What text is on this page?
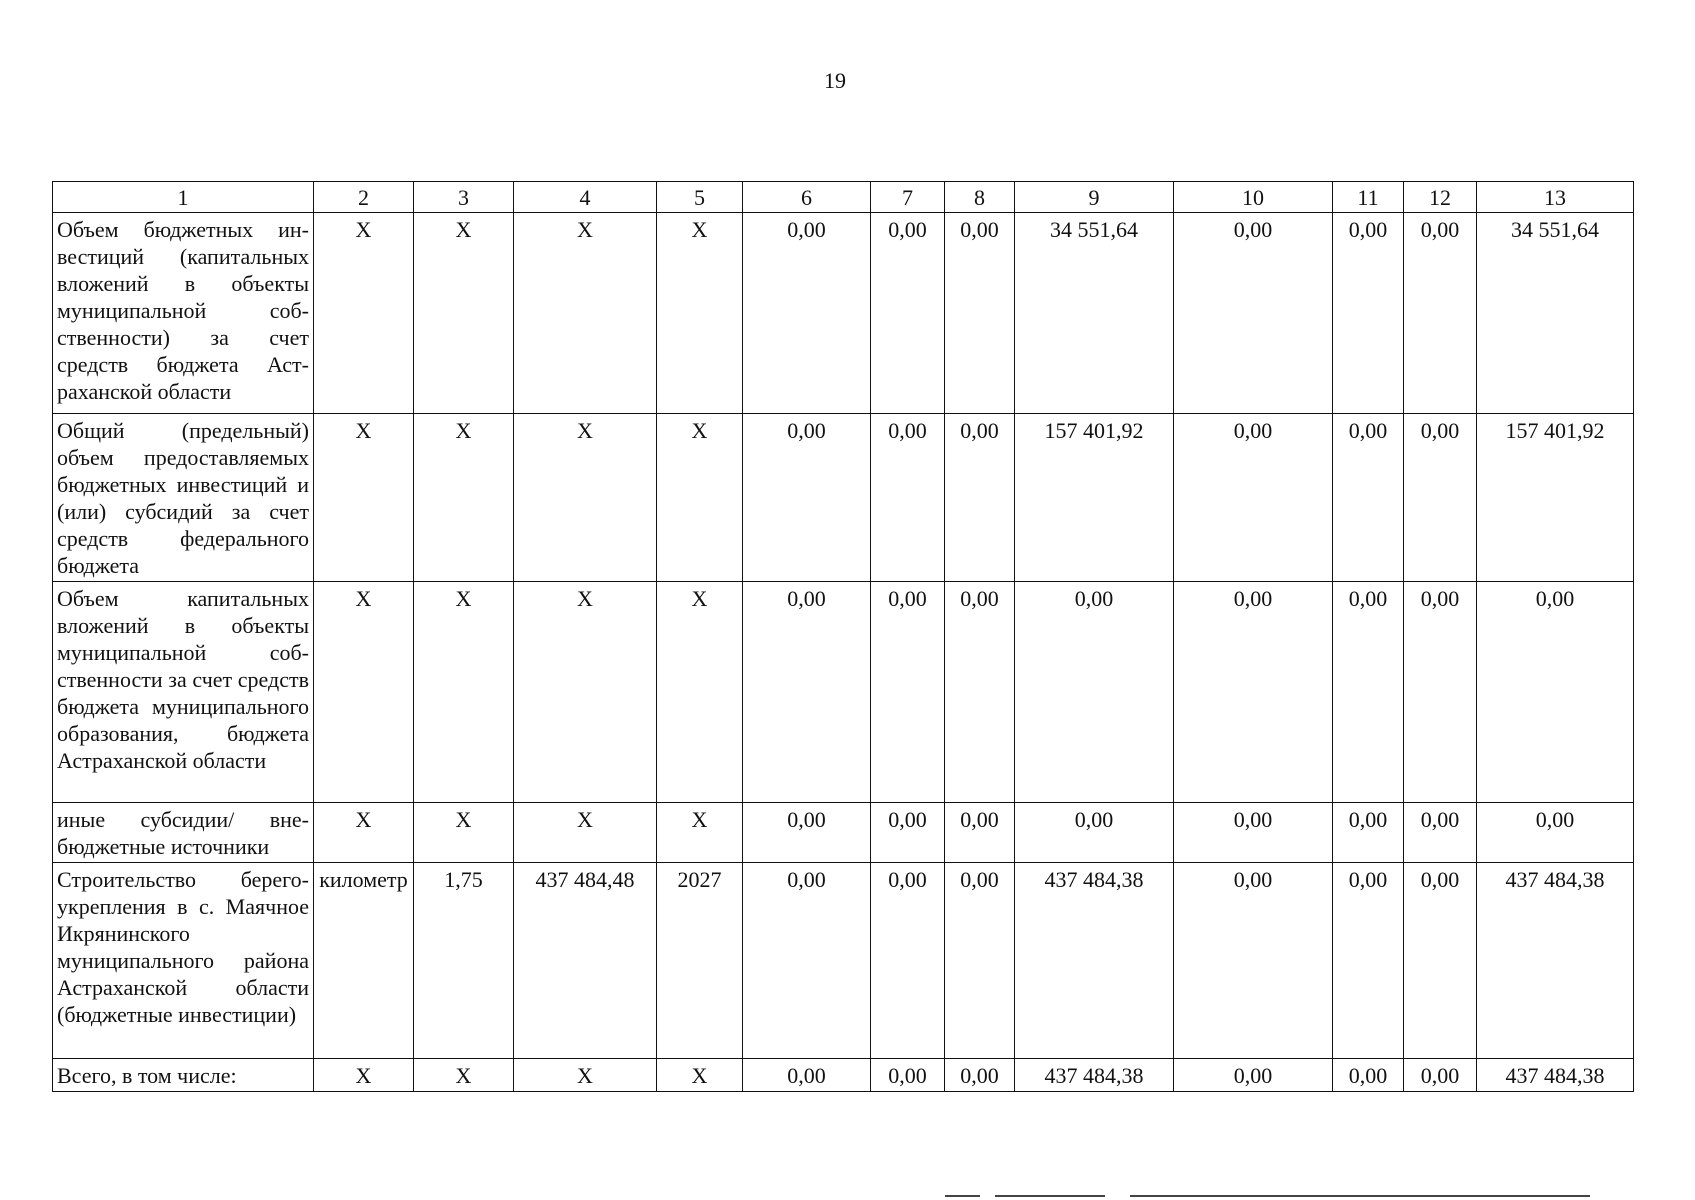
19
1	2	3	4	5	6	7	8	9	10	11	12	13
Объем бюджетных инвестиций (капитальных вложений в объекты муниципальной собственности) за счет средств бюджета Астраханской области	X	X	X	X	0,00	0,00	0,00	34 551,64	0,00	0,00	0,00	34 551,64
Общий (предельный) объем предоставляемых бюджетных инвестиций и (или) субсидий за счет средств федерального бюджета	X	X	X	X	0,00	0,00	0,00	157 401,92	0,00	0,00	0,00	157 401,92
Объем капитальных вложений в объекты муниципальной собственности за счет средств бюджета муниципального образования, бюджета Астраханской области	X	X	X	X	0,00	0,00	0,00	0,00	0,00	0,00	0,00	0,00
иные субсидии/ внебюджетные источники	X	X	X	X	0,00	0,00	0,00	0,00	0,00	0,00	0,00	0,00
Строительство берегоукрепления в с. Маячное Икрянинского муниципального района Астраханской области (бюджетные инвестиции)	километр	1,75	437 484,48	2027	0,00	0,00	0,00	437 484,38	0,00	0,00	0,00	437 484,38
Всего, в том числе:	X	X	X	X	0,00	0,00	0,00	437 484,38	0,00	0,00	0,00	437 484,38
